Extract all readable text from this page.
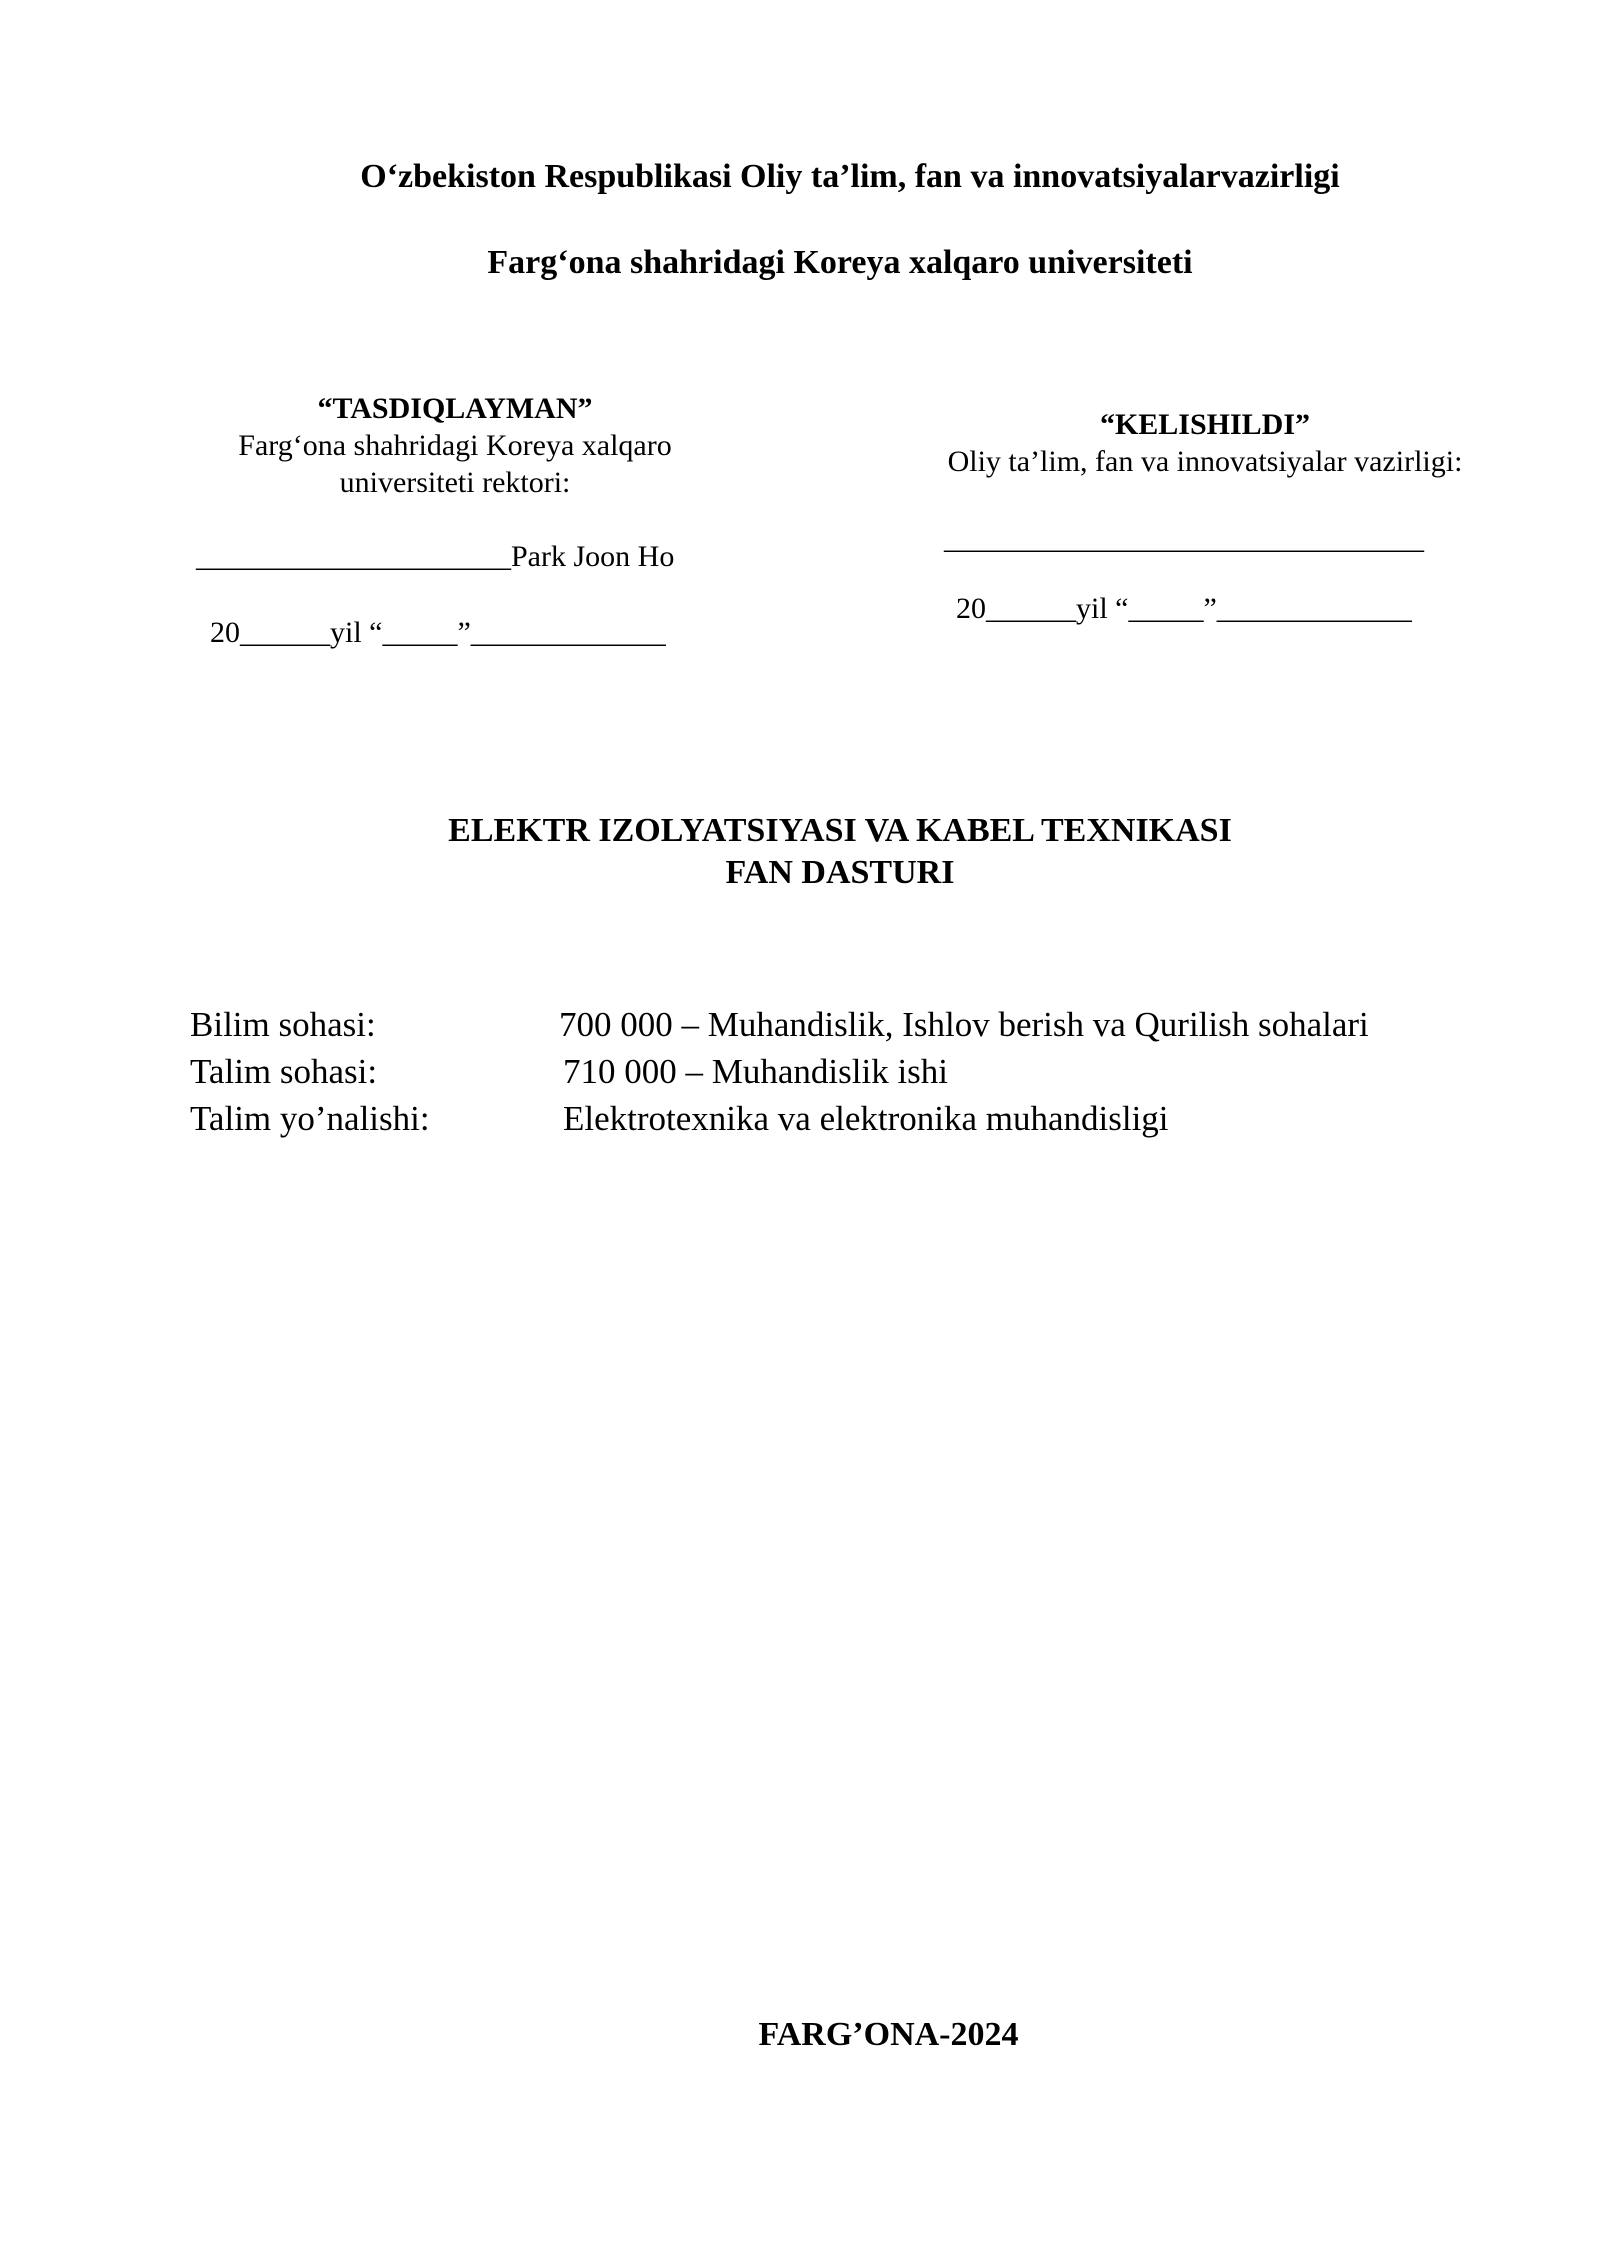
O‘zbekiston Respublikasi Oliy ta’lim, fan va innovatsiyalarvazirligi
Farg‘ona shahridagi Koreya xalqaro universiteti
“TASDIQLAYMAN”
Farg‘ona shahridagi Koreya xalqaro
universiteti rektori:
_____________________Park Joon Ho
20______yil “_____”_____________
“KELISHILDI”
Oliy ta’lim, fan va innovatsiyalar vazirligi:
________________________________
20______yil “_____”_____________
ELEKTR IZOLYATSIYASI VA KABEL TEXNIKASI
FAN DASTURI
Bilim sohasi:	700 000 – Muhandislik, Ishlov berish va Qurilish sohalari
Talim sohasi:	710 000 – Muhandislik ishi
Talim yo’nalishi:	Elektrotexnika va elektronika muhandisligi
FARG’ONA-2024
